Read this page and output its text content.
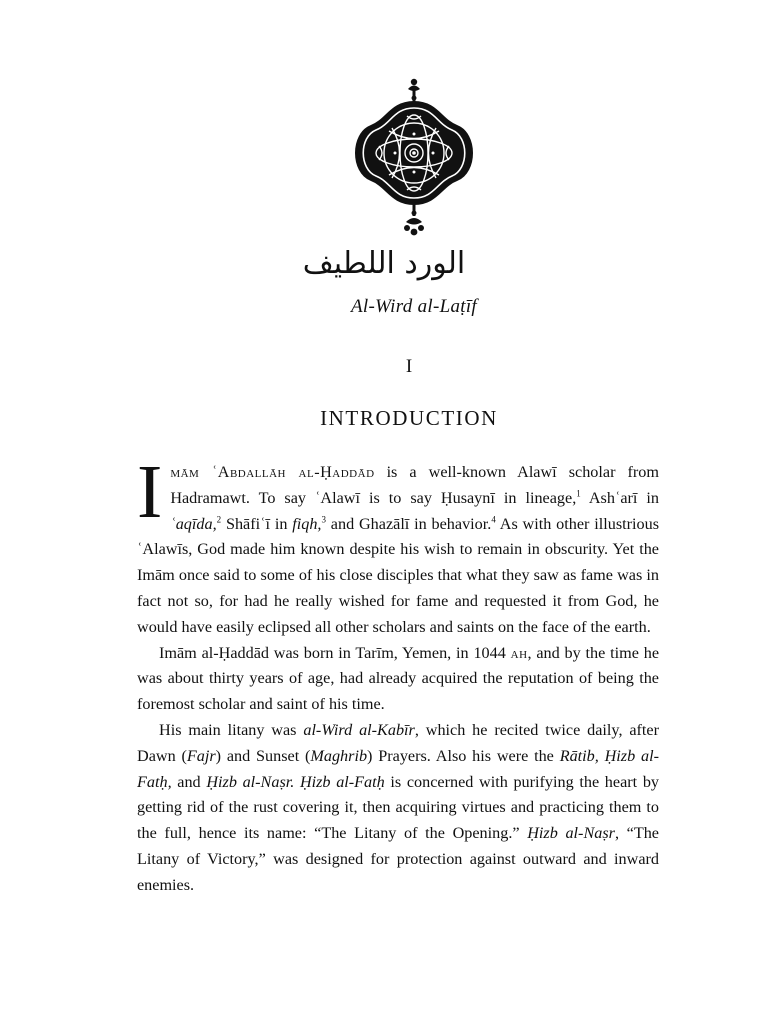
الورد اللطيف
Al-Wird al-Laṭīf
I
INTRODUCTION

Imām ʿAbdallāh al-Ḥaddād is a well-known Alawī scholar from Hadramawt. To say ʿAlawī is to say Ḥusaynī in lineage,$^1$ Ashʿarī in ʿaqīda,$^2$ Shāfiʿī in fiqh,$^3$ and Ghazālī in behavior.$^4$ As with other illustrious ʿAlawīs, God made him known despite his wish to remain in obscurity. Yet the Imām once said to some of his close disciples that what they saw as fame was in fact not so, for had he really wished for fame and requested it from God, he would have easily eclipsed all other scholars and saints on the face of the earth.

Imām al-Ḥaddād was born in Tarīm, Yemen, in 1044 ah, and by the time he was about thirty years of age, had already acquired the reputation of being the foremost scholar and saint of his time.

His main litany was al-Wird al-Kabīr, which he recited twice daily, after Dawn (Fajr) and Sunset (Maghrib) Prayers. Also his were the Rātib, Ḥizb al-Fatḥ, and Ḥizb al-Naṣr. Ḥizb al-Fatḥ is concerned with purifying the heart by getting rid of the rust covering it, then acquiring virtues and practicing them to the full, hence its name: “The Litany of the Opening.” Ḥizb al-Naṣr, “The Litany of Victory,” was designed for protection against outward and inward enemies.
